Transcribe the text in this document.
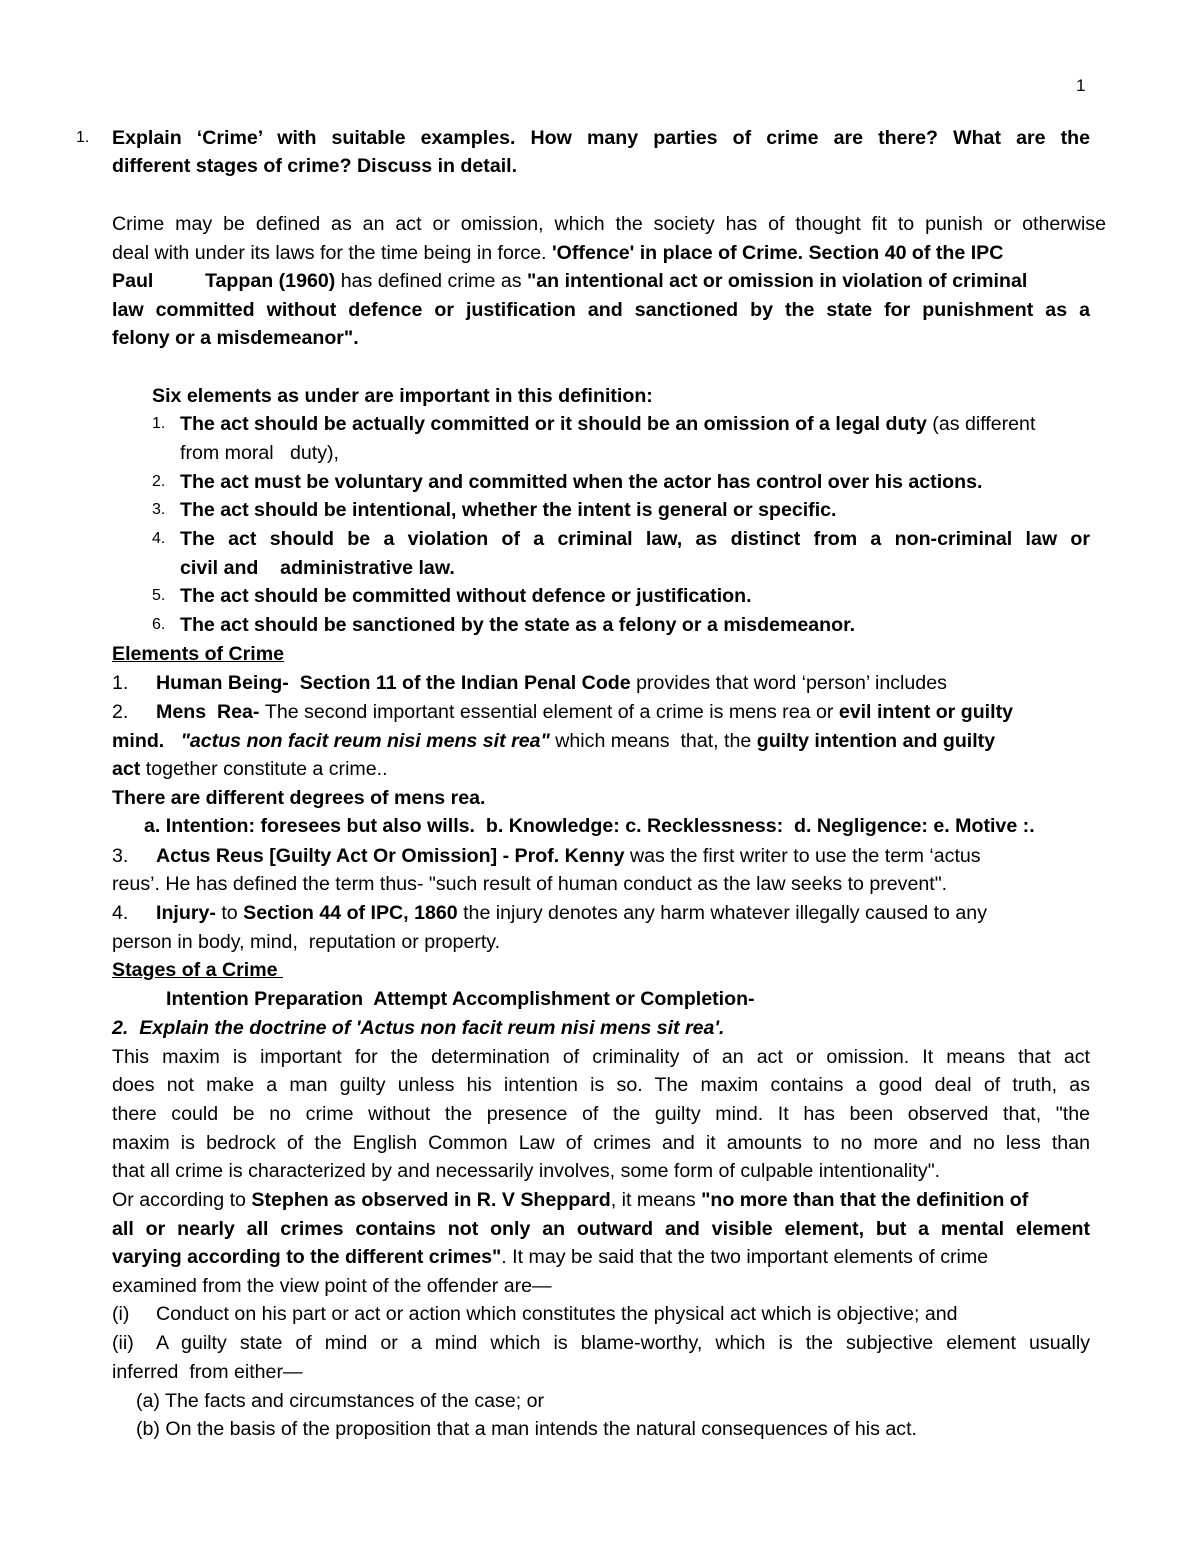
1
1. Explain ‘Crime’ with suitable examples. How many parties of crime are there? What are the
different stages of crime? Discuss in detail.
Crime may be defined as an act or omission, which the society has of thought fit to punish or otherwise
deal with under its laws for the time being in force. 'Offence' in place of Crime. Section 40 of the IPC
Paul	Tappan (1960) has defined crime as "an intentional act or omission in violation of criminal
law committed without defence or justification and sanctioned by the state for punishment as a
felony or a misdemeanor".
Six elements as under are important in this definition:
1. The act should be actually committed or it should be an omission of a legal duty (as different
from moral   duty),
2. The act must be voluntary and committed when the actor has control over his actions.
3. The act should be intentional, whether the intent is general or specific.
4. The act should be a violation of a criminal law, as distinct from a non-criminal law or
civil and    administrative law.
5. The act should be committed without defence or justification.
6. The act should be sanctioned by the state as a felony or a misdemeanor.
Elements of Crime
1. Human Being-  Section 11 of the Indian Penal Code provides that word ‘person’ includes
2. Mens  Rea- The second important essential element of a crime is mens rea or evil intent or guilty
mind. "actus non facit reum nisi mens sit rea" which means  that, the guilty intention and guilty
act together constitute a crime..
There are different degrees of mens rea.
a. Intention: foresees but also wills.  b. Knowledge: c. Recklessness:  d. Negligence: e. Motive :.
3. Actus Reus [Guilty Act Or Omission] - Prof. Kenny was the first writer to use the term ‘actus
reus’. He has defined the term thus- "such result of human conduct as the law seeks to prevent".
4. Injury- to Section 44 of IPC, 1860 the injury denotes any harm whatever illegally caused to any
person in body, mind,  reputation or property.
Stages of a Crime
Intention Preparation  Attempt Accomplishment or Completion-
2.  Explain the doctrine of 'Actus non facit reum nisi mens sit rea'.
This maxim is important for the determination of criminality of an act or omission. It means that act
does not make a man guilty unless his intention is so. The maxim contains a good deal of truth, as
there could be no crime without the presence of the guilty mind. It has been observed that, "the
maxim is bedrock of the English Common Law of crimes and it amounts to no more and no less than
that all crime is characterized by and necessarily involves, some form of culpable intentionality".
Or according to Stephen as observed in R. V Sheppard, it means "no more than that the definition of
all or nearly all crimes contains not only an outward and visible element, but a mental element
varying according to the different crimes". It may be said that the two important elements of crime
examined from the view point of the offender are—
(i) Conduct on his part or act or action which constitutes the physical act which is objective; and
(ii) A guilty state of mind or a mind which is blame-worthy, which is the subjective element usually
inferred  from either—
(a) The facts and circumstances of the case; or
(b) On the basis of the proposition that a man intends the natural consequences of his act.
